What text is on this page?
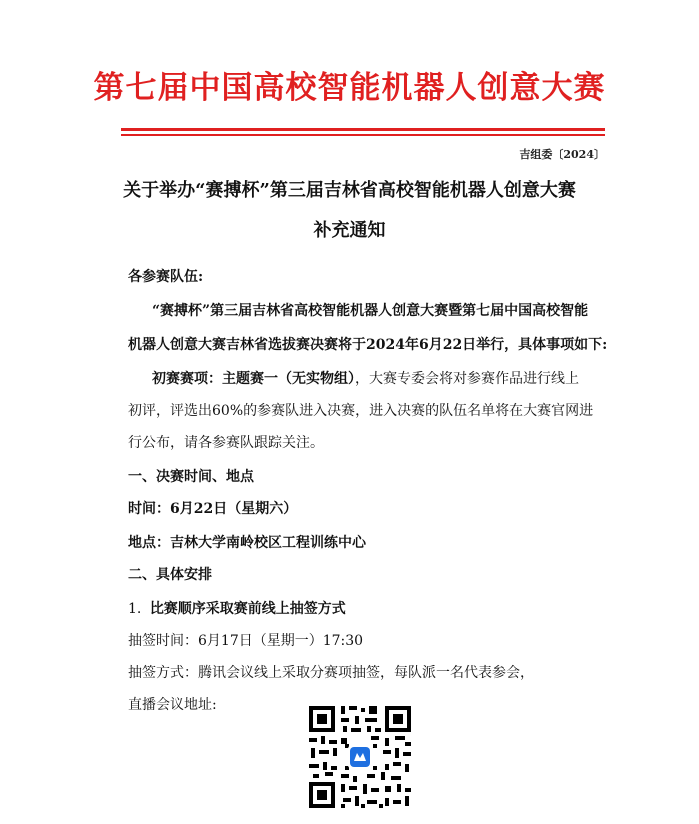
第七届中国高校智能机器人创意大赛
吉组委〔2024〕
关于举办“赛搏杯”第三届吉林省高校智能机器人创意大赛
补充通知
各参赛队伍:
“赛搏杯”第三届吉林省高校智能机器人创意大赛暨第七届中国高校智能
机器人创意大赛吉林省选拔赛决赛将于2024年6月22日举行，具体事项如下:
初赛赛项：主题赛一（无实物组），大赛专委会将对参赛作品进行线上
初评，评选出60%的参赛队进入决赛，进入决赛的队伍名单将在大赛官网进
行公布，请各参赛队跟踪关注。
一、决赛时间、地点
时间：6月22日（星期六）
地点：吉林大学南岭校区工程训练中心
二、具体安排
1. 比赛顺序采取赛前线上抽签方式
抽签时间：6月17日（星期一）17:30
抽签方式：腾讯会议线上采取分赛项抽签，每队派一名代表参会，
直播会议地址:
